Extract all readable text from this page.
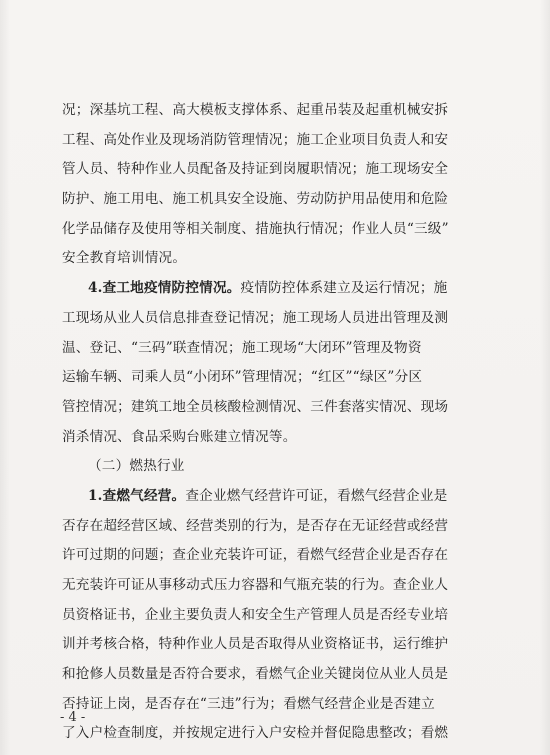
况；深基坑工程、高大模板支撑体系、起重吊装及起重机械安拆
工程、高处作业及现场消防管理情况；施工企业项目负责人和安
管人员、特种作业人员配备及持证到岗履职情况；施工现场安全
防护、施工用电、施工机具安全设施、劳动防护用品使用和危险
化学品储存及使用等相关制度、措施执行情况；作业人员“三级”
安全教育培训情况。
4.查工地疫情防控情况。疫情防控体系建立及运行情况；施
工现场从业人员信息排查登记情况；施工现场人员进出管理及测
温、登记、“三码”联查情况；施工现场“大闭环”管理及物资
运输车辆、司乘人员“小闭环”管理情况；“红区”“绿区”分区
管控情况；建筑工地全员核酸检测情况、三件套落实情况、现场
消杀情况、食品采购台账建立情况等。
（二）燃热行业
1.查燃气经营。查企业燃气经营许可证，看燃气经营企业是
否存在超经营区域、经营类别的行为，是否存在无证经营或经营
许可过期的问题；查企业充装许可证，看燃气经营企业是否存在
无充装许可证从事移动式压力容器和气瓶充装的行为。查企业人
员资格证书，企业主要负责人和安全生产管理人员是否经专业培
训并考核合格，特种作业人员是否取得从业资格证书，运行维护
和抢修人员数量是否符合要求，看燃气企业关键岗位从业人员是
否持证上岗，是否存在“三违”行为；看燃气经营企业是否建立
了入户检查制度，并按规定进行入户安检并督促隐患整改；看燃
- 4 -
